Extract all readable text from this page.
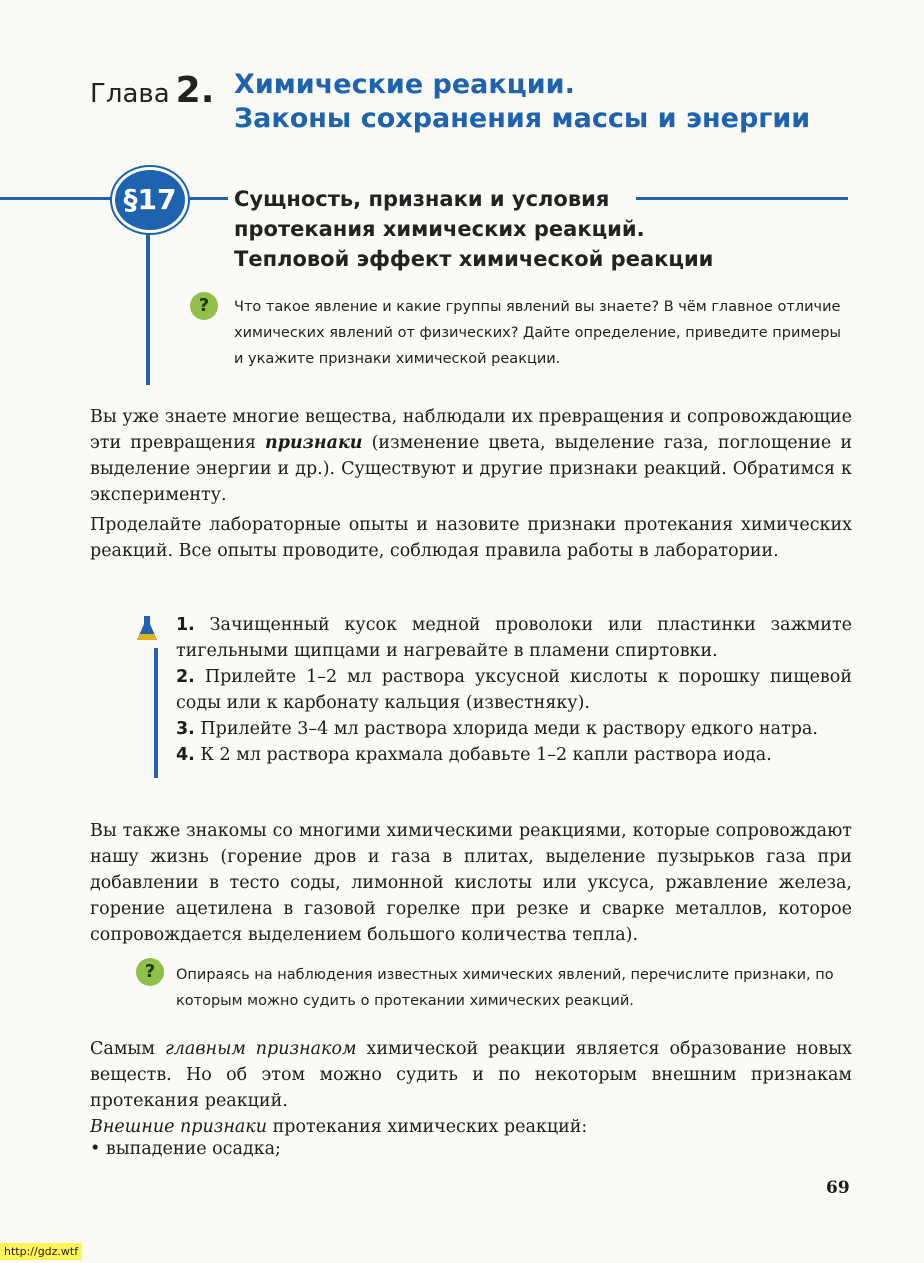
Глава 2. Химические реакции.
Законы сохранения массы и энергии
§17	Сущность, признаки и условия
протекания химических реакций.
Тепловой эффект химической реакции
?	Что такое явление и какие группы явлений вы знаете? В чём главное отличие химических явлений от физических? Дайте определение, приведите примеры и укажите признаки химической реакции.
Вы уже знаете многие вещества, наблюдали их превращения и сопровождающие эти превращения признаки (изменение цвета, выделение газа, поглощение и выделение энергии и др.). Существуют и другие признаки реакций. Обратимся к эксперименту.
Проделайте лабораторные опыты и назовите признаки протекания химических реакций. Все опыты проводите, соблюдая правила работы в лаборатории.
1. Зачищенный кусок медной проволоки или пластинки зажмите тигельными щипцами и нагревайте в пламени спиртовки.
2. Прилейте 1–2 мл раствора уксусной кислоты к порошку пищевой соды или к карбонату кальция (известняку).
3. Прилейте 3–4 мл раствора хлорида меди к раствору едкого натра.
4. К 2 мл раствора крахмала добавьте 1–2 капли раствора иода.
Вы также знакомы со многими химическими реакциями, которые сопровождают нашу жизнь (горение дров и газа в плитах, выделение пузырьков газа при добавлении в тесто соды, лимонной кислоты или уксуса, ржавление железа, горение ацетилена в газовой горелке при резке и сварке металлов, которое сопровождается выделением большого количества тепла).
?	Опираясь на наблюдения известных химических явлений, перечислите признаки, по которым можно судить о протекании химических реакций.
Самым главным признаком химической реакции является образование новых веществ. Но об этом можно судить и по некоторым внешним признакам протекания реакций.
Внешние признаки протекания химических реакций:
• выпадение осадка;
69
http://gdz.wtf
